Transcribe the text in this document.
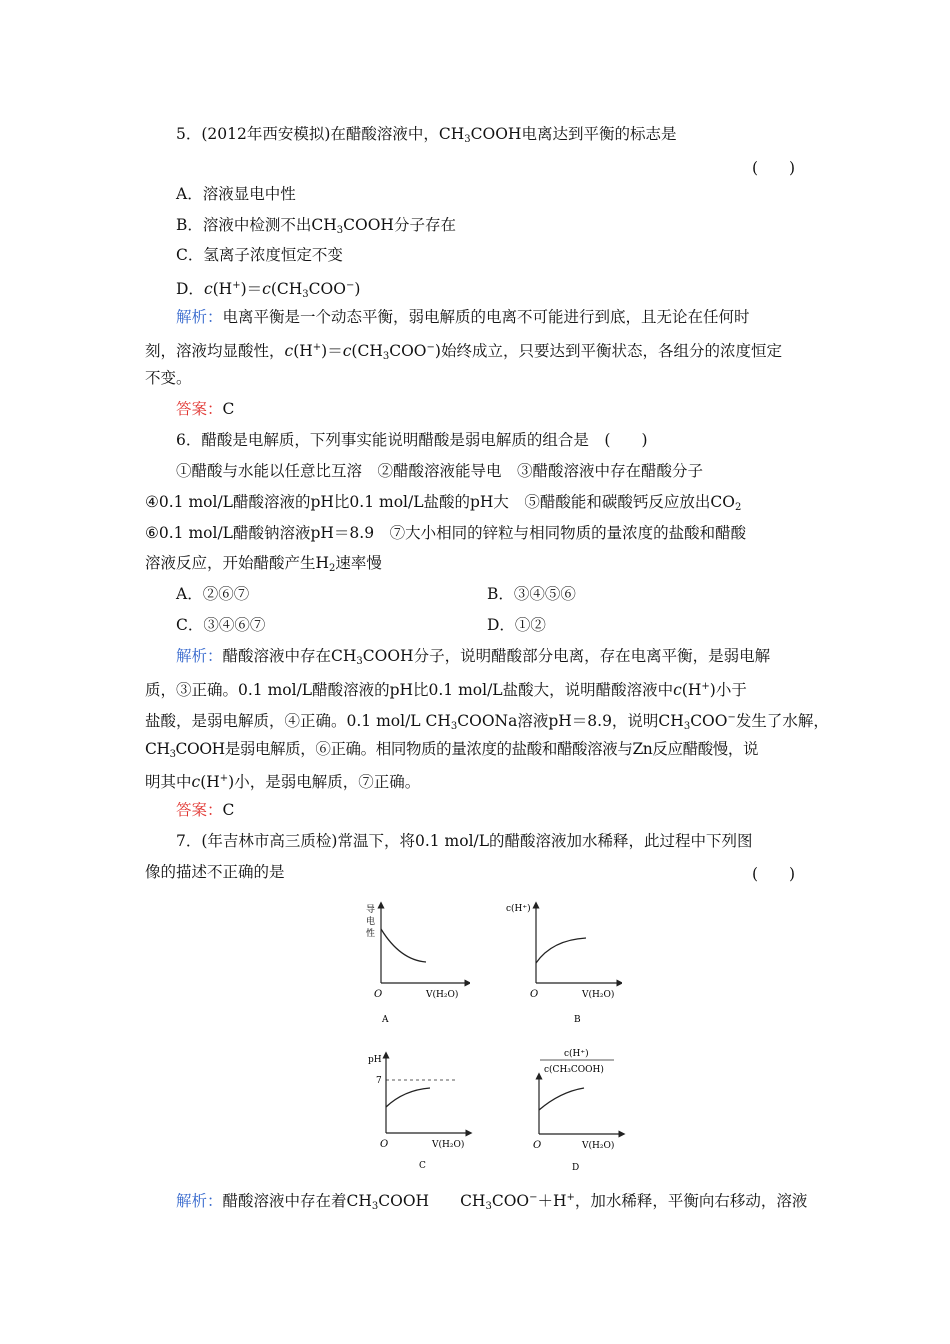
5．(2012年西安模拟)在醋酸溶液中，$CH_3COOH$电离达到平衡的标志是
(　　)
A．溶液显电中性
B．溶液中检测不出$CH_3COOH$分子存在
C．氢离子浓度恒定不变
D．$c(H^+)=c(CH_3COO^-)$
解析：电离平衡是一个动态平衡，弱电解质的电离不可能进行到底，且无论在任何时
刻，溶液均显酸性，$c(H^+)=c(CH_3COO^-)$始终成立，只要达到平衡状态，各组分的浓度恒定
不变。
答案：C
6．醋酸是电解质，下列事实能说明醋酸是弱电解质的组合是　 (　　)
①醋酸与水能以任意比互溶　②醋酸溶液能导电　③醋酸溶液中存在醋酸分子
④0.1 mol/L醋酸溶液的pH比0.1 mol/L盐酸的pH大　⑤醋酸能和碳酸钙反应放出$CO_2$
⑥0.1 mol/L醋酸钠溶液pH＝8.9　⑦大小相同的锌粒与相同物质的量浓度的盐酸和醋酸
溶液反应，开始醋酸产生$H_2$速率慢
A．②⑥⑦	B．③④⑤⑥
C．③④⑥⑦	D．①②
解析：醋酸溶液中存在$CH_3COOH$分子，说明醋酸部分电离，存在电离平衡，是弱电解
质，③正确。0.1 mol/L醋酸溶液的pH比0.1 mol/L盐酸大，说明醋酸溶液中c(H+)小于
盐酸，是弱电解质，④正确。0.1 mol/L $CH_3COONa$溶液pH＝8.9，说明$CH_3COO^-$发生了水解，
$CH_3COOH$是弱电解质，⑥正确。相同物质的量浓度的盐酸和醋酸溶液与Zn反应醋酸慢，说
明其中c(H+)小，是弱电解质，⑦正确。
答案：C
7．(年吉林市高三质检)常温下，将0.1 mol/L的醋酸溶液加水稀释，此过程中下列图
像的描述不正确的是	(　　)
导
电
性
O	V(H₂O)
A
c(H⁺)
O	V(H₂O)
B
pH
7
O	V(H₂O)
C
c(H⁺)
c(CH₃COOH)
O	V(H₂O)
D
解析：醋酸溶液中存在着$CH_3COOH$　　$CH_3COO^-+H^+$，加水稀释，平衡向右移动，溶液
